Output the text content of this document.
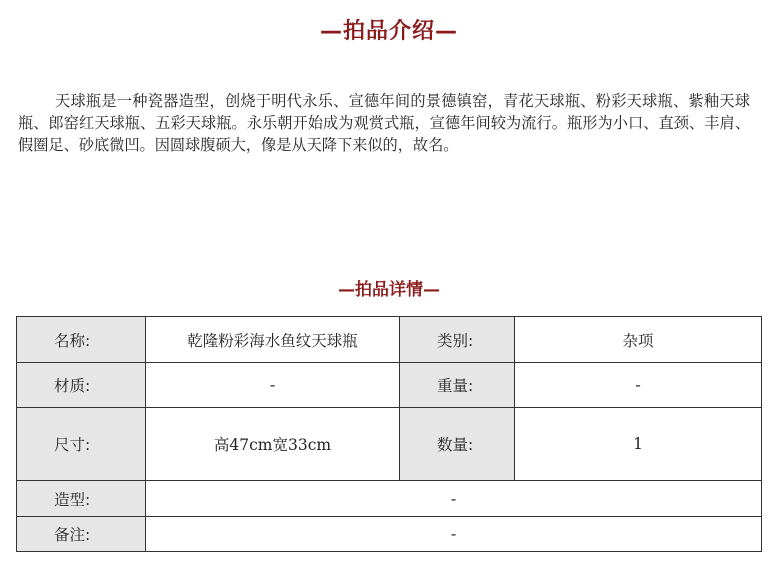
—拍品介绍—

天球瓶是一种瓷器造型，创烧于明代永乐、宣德年间的景德镇窑，青花天球瓶、粉彩天球瓶、紫釉天球瓶、郎窑红天球瓶、五彩天球瓶。永乐朝开始成为观赏式瓶，宣德年间较为流行。瓶形为小口、直颈、丰肩、假圈足、砂底微凹。因圆球腹硕大，像是从天降下来似的，故名。

—拍品详情—
名称:	乾隆粉彩海水鱼纹天球瓶	类别:	杂项
材质:	-	重量:	-
尺寸:	高47cm宽33cm	数量:	1
造型:	-		
备注:	-		
